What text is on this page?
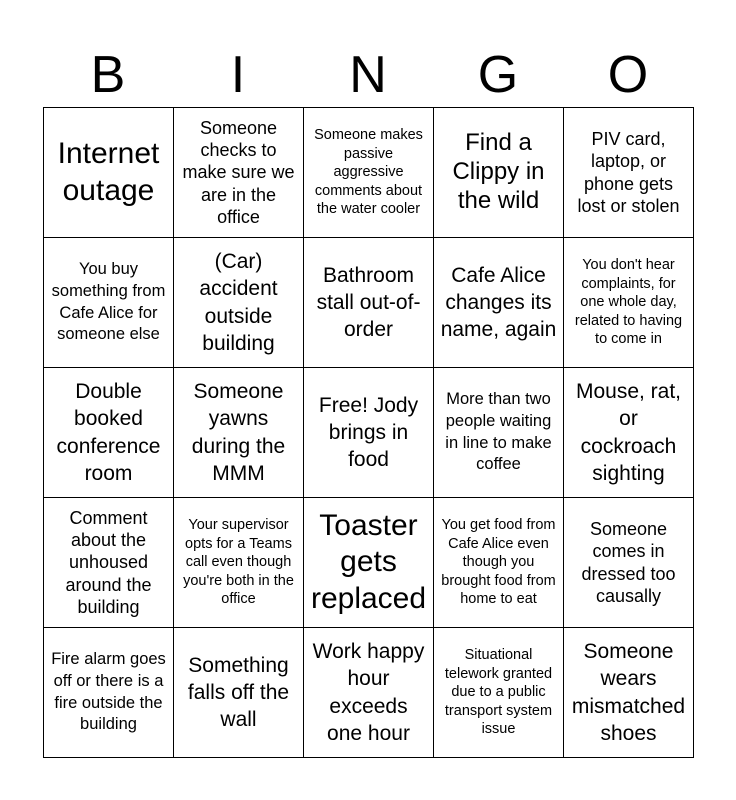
B	I	N	G	O
Internet outage	Someone checks to make sure we are in the office	Someone makes passive aggressive comments about the water cooler	Find a Clippy in the wild	PIV card, laptop, or phone gets lost or stolen
You buy something from Cafe Alice for someone else	(Car) accident outside building	Bathroom stall out-of-order	Cafe Alice changes its name, again	You don't hear complaints, for one whole day, related to having to come in
Double booked conference room	Someone yawns during the MMM	Free! Jody brings in food	More than two people waiting in line to make coffee	Mouse, rat, or cockroach sighting
Comment about the unhoused around the building	Your supervisor opts for a Teams call even though you're both in the office	Toaster gets replaced	You get food from Cafe Alice even though you brought food from home to eat	Someone comes in dressed too causally
Fire alarm goes off or there is a fire outside the building	Something falls off the wall	Work happy hour exceeds one hour	Situational telework granted due to a public transport system issue	Someone wears mismatched shoes
